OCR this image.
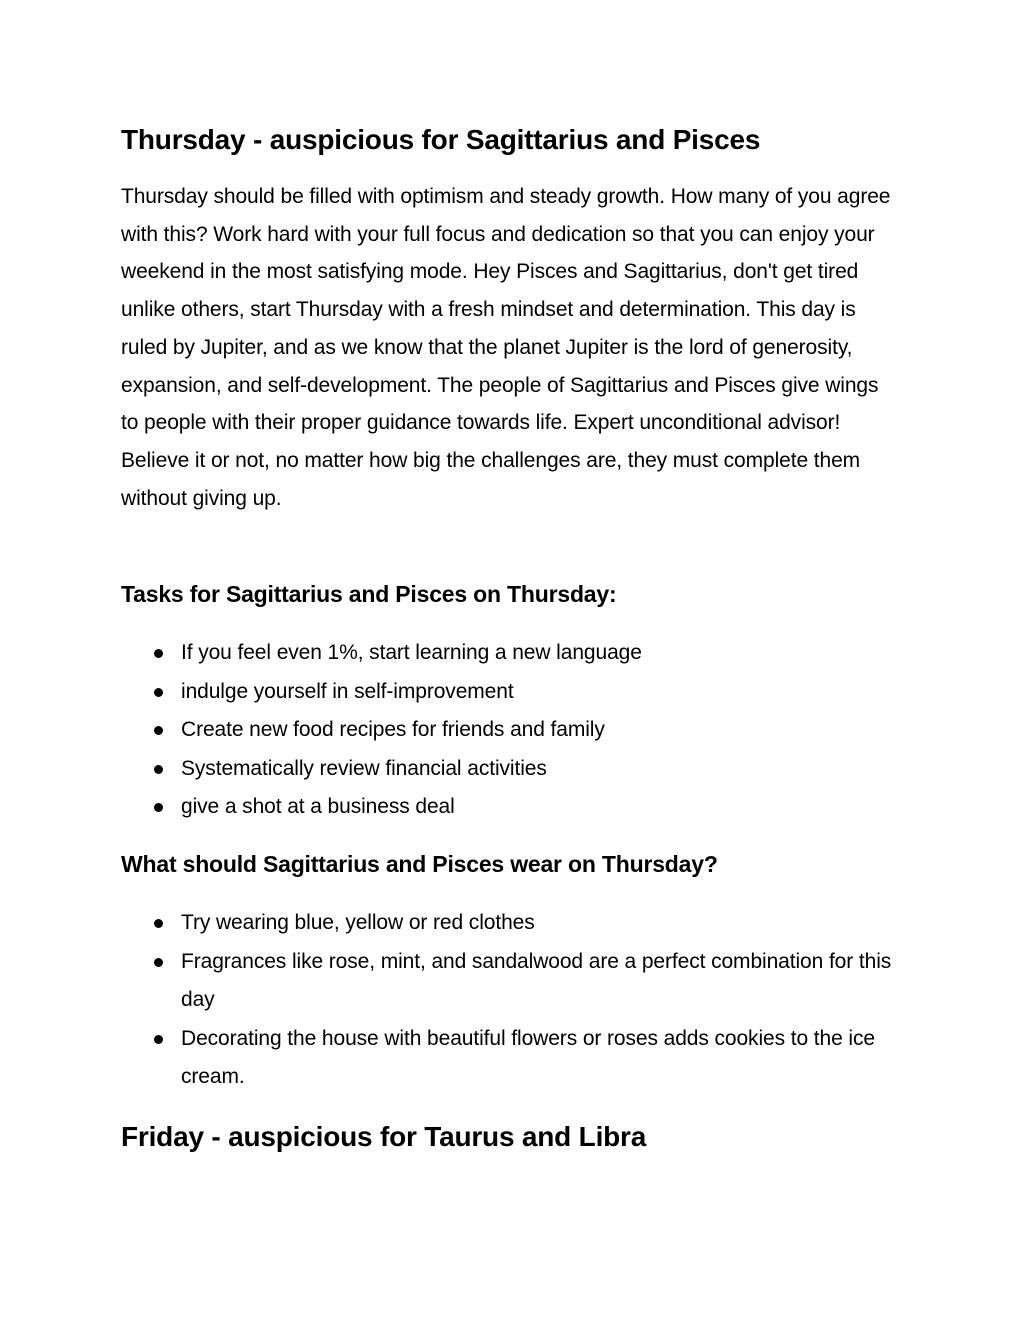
Thursday - auspicious for Sagittarius and Pisces

Thursday should be filled with optimism and steady growth. How many of you agree with this? Work hard with your full focus and dedication so that you can enjoy your weekend in the most satisfying mode. Hey Pisces and Sagittarius, don't get tired unlike others, start Thursday with a fresh mindset and determination. This day is ruled by Jupiter, and as we know that the planet Jupiter is the lord of generosity, expansion, and self-development. The people of Sagittarius and Pisces give wings to people with their proper guidance towards life. Expert unconditional advisor! Believe it or not, no matter how big the challenges are, they must complete them without giving up.

Tasks for Sagittarius and Pisces on Thursday:
If you feel even 1%, start learning a new language
indulge yourself in self-improvement
Create new food recipes for friends and family
Systematically review financial activities
give a shot at a business deal
What should Sagittarius and Pisces wear on Thursday?
Try wearing blue, yellow or red clothes
Fragrances like rose, mint, and sandalwood are a perfect combination for this day
Decorating the house with beautiful flowers or roses adds cookies to the ice cream.
Friday - auspicious for Taurus and Libra
